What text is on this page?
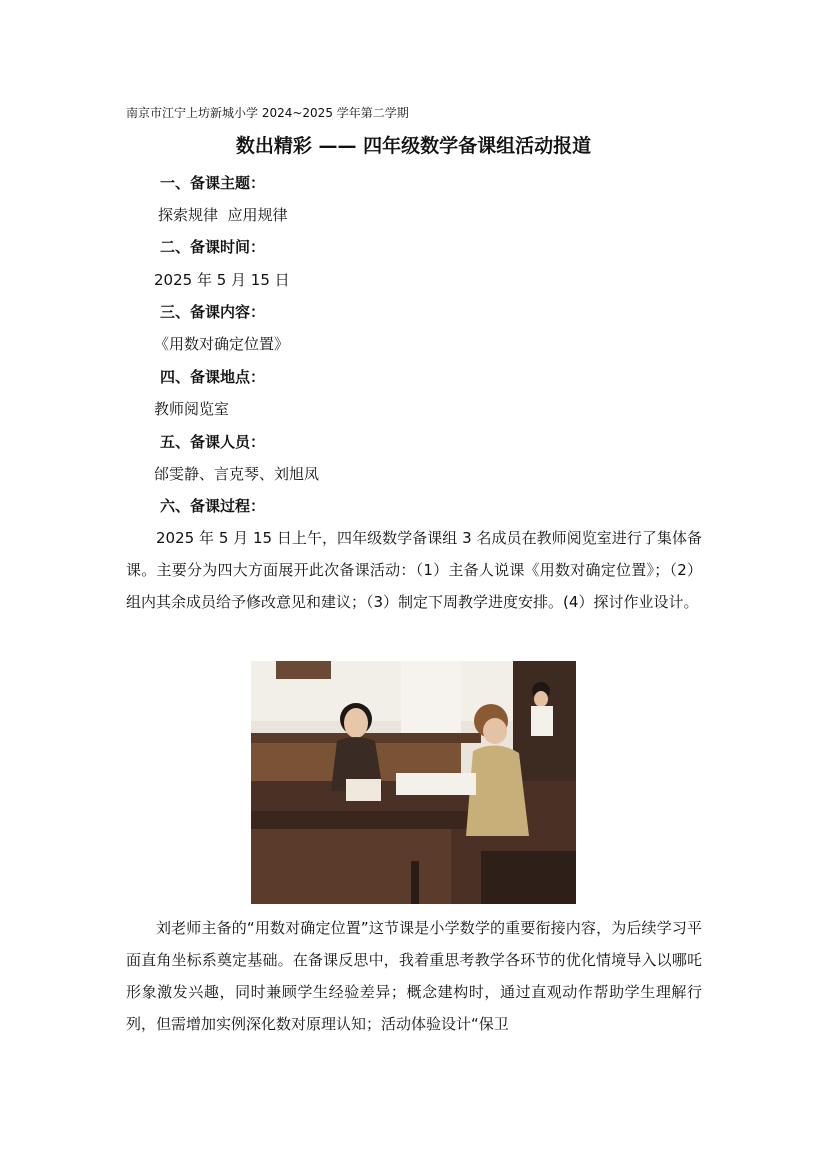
南京市江宁上坊新城小学 2024~2025 学年第二学期
数出精彩 —— 四年级数学备课组活动报道
一、备课主题：
探索规律  应用规律
二、备课时间：
2025 年 5 月 15 日
三、备课内容：
《用数对确定位置》
四、备课地点：
教师阅览室
五、备课人员：
邰雯静、言克琴、刘旭凤
六、备课过程：

2025 年 5 月 15 日上午，四年级数学备课组 3 名成员在教师阅览室进行了集体备课。主要分为四大方面展开此次备课活动：（1）主备人说课《用数对确定位置》；（2）组内其余成员给予修改意见和建议；（3）制定下周教学进度安排。(4）探讨作业设计。

刘老师主备的“用数对确定位置”这节课是小学数学的重要衔接内容，为后续学习平面直角坐标系奠定基础。在备课反思中，我着重思考教学各环节的优化情境导入以哪吒形象激发兴趣，同时兼顾学生经验差异；概念建构时，通过直观动作帮助学生理解行列，但需增加实例深化数对原理认知；活动体验设计“保卫
